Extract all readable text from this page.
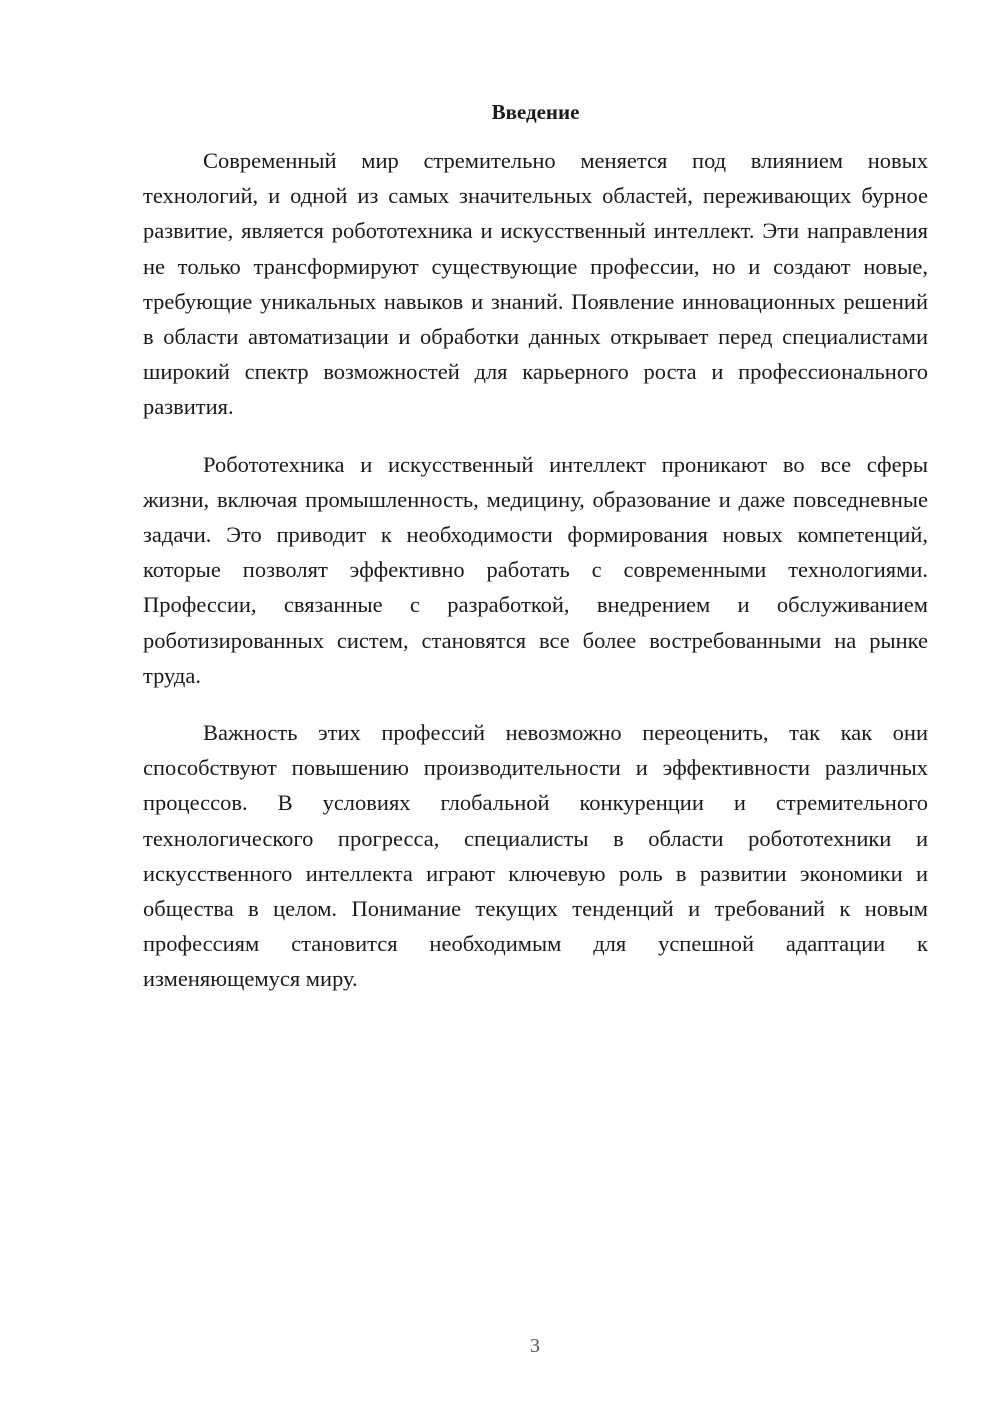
Введение

Современный мир стремительно меняется под влиянием новых технологий, и одной из самых значительных областей, переживающих бурное развитие, является робототехника и искусственный интеллект. Эти направления не только трансформируют существующие профессии, но и создают новые, требующие уникальных навыков и знаний. Появление инновационных решений в области автоматизации и обработки данных открывает перед специалистами широкий спектр возможностей для карьерного роста и профессионального развития.

Робототехника и искусственный интеллект проникают во все сферы жизни, включая промышленность, медицину, образование и даже повседневные задачи. Это приводит к необходимости формирования новых компетенций, которые позволят эффективно работать с современными технологиями. Профессии, связанные с разработкой, внедрением и обслуживанием роботизированных систем, становятся все более востребованными на рынке труда.

Важность этих профессий невозможно переоценить, так как они способствуют повышению производительности и эффективности различных процессов. В условиях глобальной конкуренции и стремительного технологического прогресса, специалисты в области робототехники и искусственного интеллекта играют ключевую роль в развитии экономики и общества в целом. Понимание текущих тенденций и требований к новым профессиям становится необходимым для успешной адаптации к изменяющемуся миру.

3
